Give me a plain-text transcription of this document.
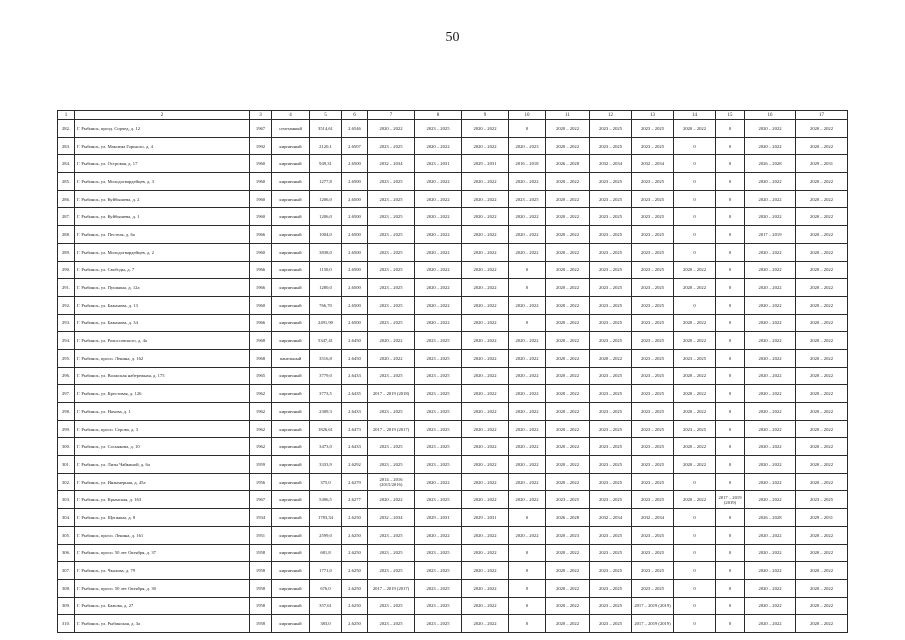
50
1	2	3	4	5	6	7	8	9	10	11	12	13	14	15	16	17
282.	Г. Рыбинск, прозд. Сорчед, д. 12	1967	сочезанный	3514,61	2.6546	2020 – 2022	2023 – 2025	2020 – 2022	0	2020 – 2022	2023 – 2025	2023 – 2025	2020 – 2022	0	2020 – 2022	2020 – 2022
283.	Г. Рыбинск, ул. Максима Горького, д. 4	1992	кирпичный	2120,1	2.6507	2023 – 2025	2020 – 2022	2020 – 2022	2020 – 2023	2020 – 2022	2023 – 2025	2023 – 2025	0	0	2020 – 2022	2020 – 2022
284.	Г. Рыбинск, ул. Островая, д. 17	1960	кирпичный	949,31	2.6500	2032 – 2034	2023 – 2031	2029 – 2031	2016 – 2018	2026 – 2028	2032 – 2034	2032 – 2034	0	0	2026 – 2028	2029 – 2031
285.	Г. Рыбинск, ул. Молодогвардейцев, д. 3	1960	кирпичный	1277,8	2.6500	2023 – 2025	2020 – 2022	2020 – 2022	2020 – 2022	2020 – 2022	2023 – 2025	2023 – 2025	0	0	2020 – 2022	2020 – 2022
286.	Г. Рыбинск, ул. Куйбышева, д. 2	1960	кирпичный	1206,0	2.6500	2023 – 2025	2020 – 2022	2020 – 2022	2023 – 2025	2020 – 2022	2023 – 2025	2023 – 2025	0	0	2020 – 2022	2020 – 2022
287.	Г. Рыбинск, ул. Куйбышева, д. 1	1960	кирпичный	1206,0	2.6500	2023 – 2025	2020 – 2022	2020 – 2022	2020 – 2022	2020 – 2022	2023 – 2025	2023 – 2025	0	0	2020 – 2022	2020 – 2022
288.	Г. Рыбинск, ул. Пестеля, д. 6а	1966	кирпичный	1004,0	2.6500	2023 – 2025	2020 – 2022	2020 – 2022	2020 – 2022	2020 – 2022	2023 – 2025	2023 – 2025	0	0	2017 – 2019	2020 – 2022
289.	Г. Рыбинск, ул. Молодогвардейцев, д. 2	1960	кирпичный	3838,0	2.6500	2023 – 2025	2020 – 2022	2020 – 2022	2020 – 2022	2020 – 2022	2023 – 2025	2023 – 2025	0	0	2020 – 2022	2020 – 2022
290.	Г. Рыбинск, ул. Свободы, д. 7	1966	кирпичный	1150,0	2.6500	2023 – 2025	2020 – 2022	2020 – 2022	0	2020 – 2022	2023 – 2025	2023 – 2025	2020 – 2022	0	2020 – 2022	2020 – 2022
291.	Г. Рыбинск, ул. Пушкина, д. 12а	1966	кирпичный	1280,0	2.6500	2023 – 2025	2020 – 2022	2020 – 2022	0	2020 – 2022	2023 – 2025	2023 – 2025	2020 – 2022	0	2020 – 2022	2020 – 2022
292.	Г. Рыбинск, ул. Бажанова, д. 13	1960	кирпичный	766,70	2.6500	2023 – 2025	2020 – 2022	2020 – 2022	2020 – 2022	2020 – 2022	2023 – 2025	2023 – 2025	0	0	2020 – 2022	2020 – 2022
293.	Г. Рыбинск, ул. Бажанова, д. 34	1966	кирпичный	2491,90	2.6500	2023 – 2025	2020 – 2022	2020 – 2022	0	2020 – 2022	2023 – 2025	2023 – 2025	2020 – 2022	0	2020 – 2022	2020 – 2022
294.	Г. Рыбинск, ул. Рокоссовского, д. 4а	1968	кирпичный	5347,41	2.6450	2020 – 2022	2023 – 2025	2020 – 2022	2020 – 2022	2020 – 2022	2023 – 2025	2023 – 2025	2020 – 2022	0	2020 – 2022	2020 – 2022
295.	Г. Рыбинск, просп. Ленина, д. 162	1968	панельный	3516,8	2.6450	2020 – 2022	2023 – 2025	2020 – 2022	2020 – 2022	2020 – 2022	2020 – 2022	2023 – 2025	2023 – 2025	0	2020 – 2022	2020 – 2022
296.	Г. Рыбинск, ул. Волжская набережная, д. 175	1965	кирпичный	3779,0	2.6433	2023 – 2025	2023 – 2025	2020 – 2022	2020 – 2022	2020 – 2022	2023 – 2025	2023 – 2025	2020 – 2022	0	2020 – 2022	2020 – 2022
297.	Г. Рыбинск, ул. Крестовая, д. 126	1962	кирпичный	3773,5	2.6435	2017 – 2019 (2018)	2023 – 2025	2020 – 2022	2020 – 2022	2020 – 2022	2023 – 2025	2023 – 2025	2020 – 2022	0	2020 – 2022	2020 – 2022
298.	Г. Рыбинск, ул. Нахова, д. 1	1962	кирпичный	2309,3	2.6433	2023 – 2025	2023 – 2025	2020 – 2022	2020 – 2022	2020 – 2022	2023 – 2025	2023 – 2025	2020 – 2022	0	2020 – 2022	2020 – 2022
299.	Г. Рыбинск, просп. Серова, д. 3	1962	кирпичный	1826,61	2.6473	2017 – 2019 (2017)	2023 – 2025	2020 – 2022	2020 – 2022	2020 – 2022	2023 – 2025	2023 – 2025	2023 – 2025	0	2020 – 2022	2020 – 2022
300.	Г. Рыбинск, ул. Соснякова, д. 10	1962	кирпичный	3473,0	2.6433	2023 – 2025	2023 – 2025	2020 – 2022	2020 – 2022	2020 – 2022	2023 – 2025	2023 – 2025	2020 – 2022	0	2020 – 2022	2020 – 2022
301.	Г. Рыбинск, ул. Лизы Чайкиной, д. 6а	1959	кирпичный	3333,9	2.6292	2023 – 2025	2023 – 2025	2020 – 2022	2020 – 2022	2020 – 2022	2023 – 2025	2023 – 2025	2020 – 2022	0	2020 – 2022	2020 – 2022
302.	Г. Рыбинск, ул. Инженерная, д. 45а	1956	кирпичный	375,0	2.6279	2014 – 2016 (2015/2016)	2020 – 2022	2020 – 2022	2020 – 2022	2020 – 2022	2023 – 2025	2023 – 2025	0	0	2020 – 2022	2020 – 2022
303.	Г. Рыбинск, ул. Крымская, д. 163	1967	кирпичный	5496,5	2.6277	2020 – 2022	2023 – 2025	2020 – 2022	2020 – 2022	2023 – 2025	2023 – 2025	2023 – 2025	2020 – 2022	2017 – 2019 (2019)	2020 – 2022	2023 – 2025
304.	Г. Рыбинск, ул. Щепкина, д. 8	1934	кирпичный	1783,34	2.6250	2032 – 2034	2029 – 2031	2029 – 2031	0	2026 – 2028	2032 – 2034	2032 – 2034	0	0	2026 – 2028	2029 – 2031
305.	Г. Рыбинск, просп. Ленина, д. 161	1951	кирпичный	2599,0	2.6250	2023 – 2025	2020 – 2022	2020 – 2022	2020 – 2022	2020 – 2023	2023 – 2025	2023 – 2025	0	0	2020 – 2022	2020 – 2022
306.	Г. Рыбинск, просп. 50 лет Октября, д. 37	1958	кирпичный	681,8	2.6250	2023 – 2025	2023 – 2025	2020 – 2022	0	2020 – 2022	2023 – 2025	2023 – 2025	0	0	2020 – 2022	2020 – 2022
307.	Г. Рыбинск, ул. Чкалова, д. 79	1958	кирпичный	1771,0	2.6250	2023 – 2025	2023 – 2025	2020 – 2022	0	2020 – 2022	2023 – 2025	2023 – 2025	0	0	2020 – 2022	2020 – 2022
308.	Г. Рыбинск, просп. 50 лет Октября, д. 30	1958	кирпичный	676,0	2.6250	2017 – 2019 (2017)	2023 – 2025	2020 – 2022	0	2020 – 2022	2023 – 2025	2023 – 2025	0	0	2020 – 2022	2020 – 2022
309.	Г. Рыбинск, ул. Бажова, д. 27	1958	кирпичный	357,61	2.6250	2023 – 2025	2023 – 2025	2020 – 2022	0	2020 – 2022	2023 – 2025	2017 – 2019 (2019)	0	0	2020 – 2022	2020 – 2022
310.	Г. Рыбинск, ул. Рыбинская, д. 3а	1958	кирпичный	383,0	2.6250	2023 – 2025	2023 – 2025	2020 – 2022	0	2020 – 2022	2023 – 2025	2017 – 2019 (2019)	0	0	2020 – 2022	2020 – 2022
